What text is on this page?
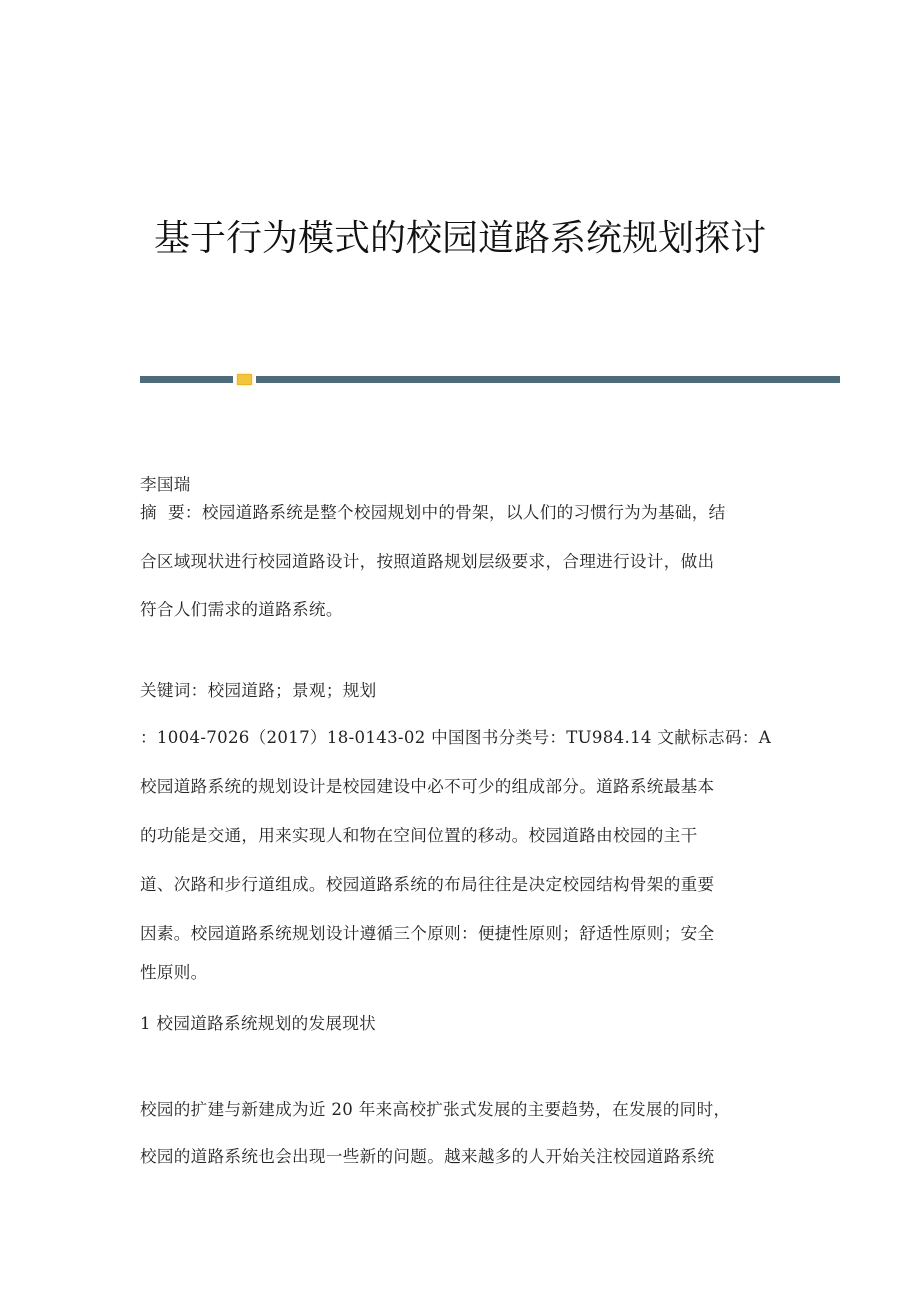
基于行为模式的校园道路系统规划探讨
李国瑞
摘  要：校园道路系统是整个校园规划中的骨架，以人们的习惯行为为基础，结
合区域现状进行校园道路设计，按照道路规划层级要求，合理进行设计，做出
符合人们需求的道路系统。
关键词：校园道路；景观；规划
：1004-7026（2017）18-0143-02 中国图书分类号：TU984.14 文献标志码：A
校园道路系统的规划设计是校园建设中必不可少的组成部分。道路系统最基本
的功能是交通，用来实现人和物在空间位置的移动。校园道路由校园的主干
道、次路和步行道组成。校园道路系统的布局往往是决定校园结构骨架的重要
因素。校园道路系统规划设计遵循三个原则：便捷性原则；舒适性原则；安全
性原则。
1 校园道路系统规划的发展现状
校园的扩建与新建成为近 20 年来高校扩张式发展的主要趋势，在发展的同时，
校园的道路系统也会出现一些新的问题。越来越多的人开始关注校园道路系统
